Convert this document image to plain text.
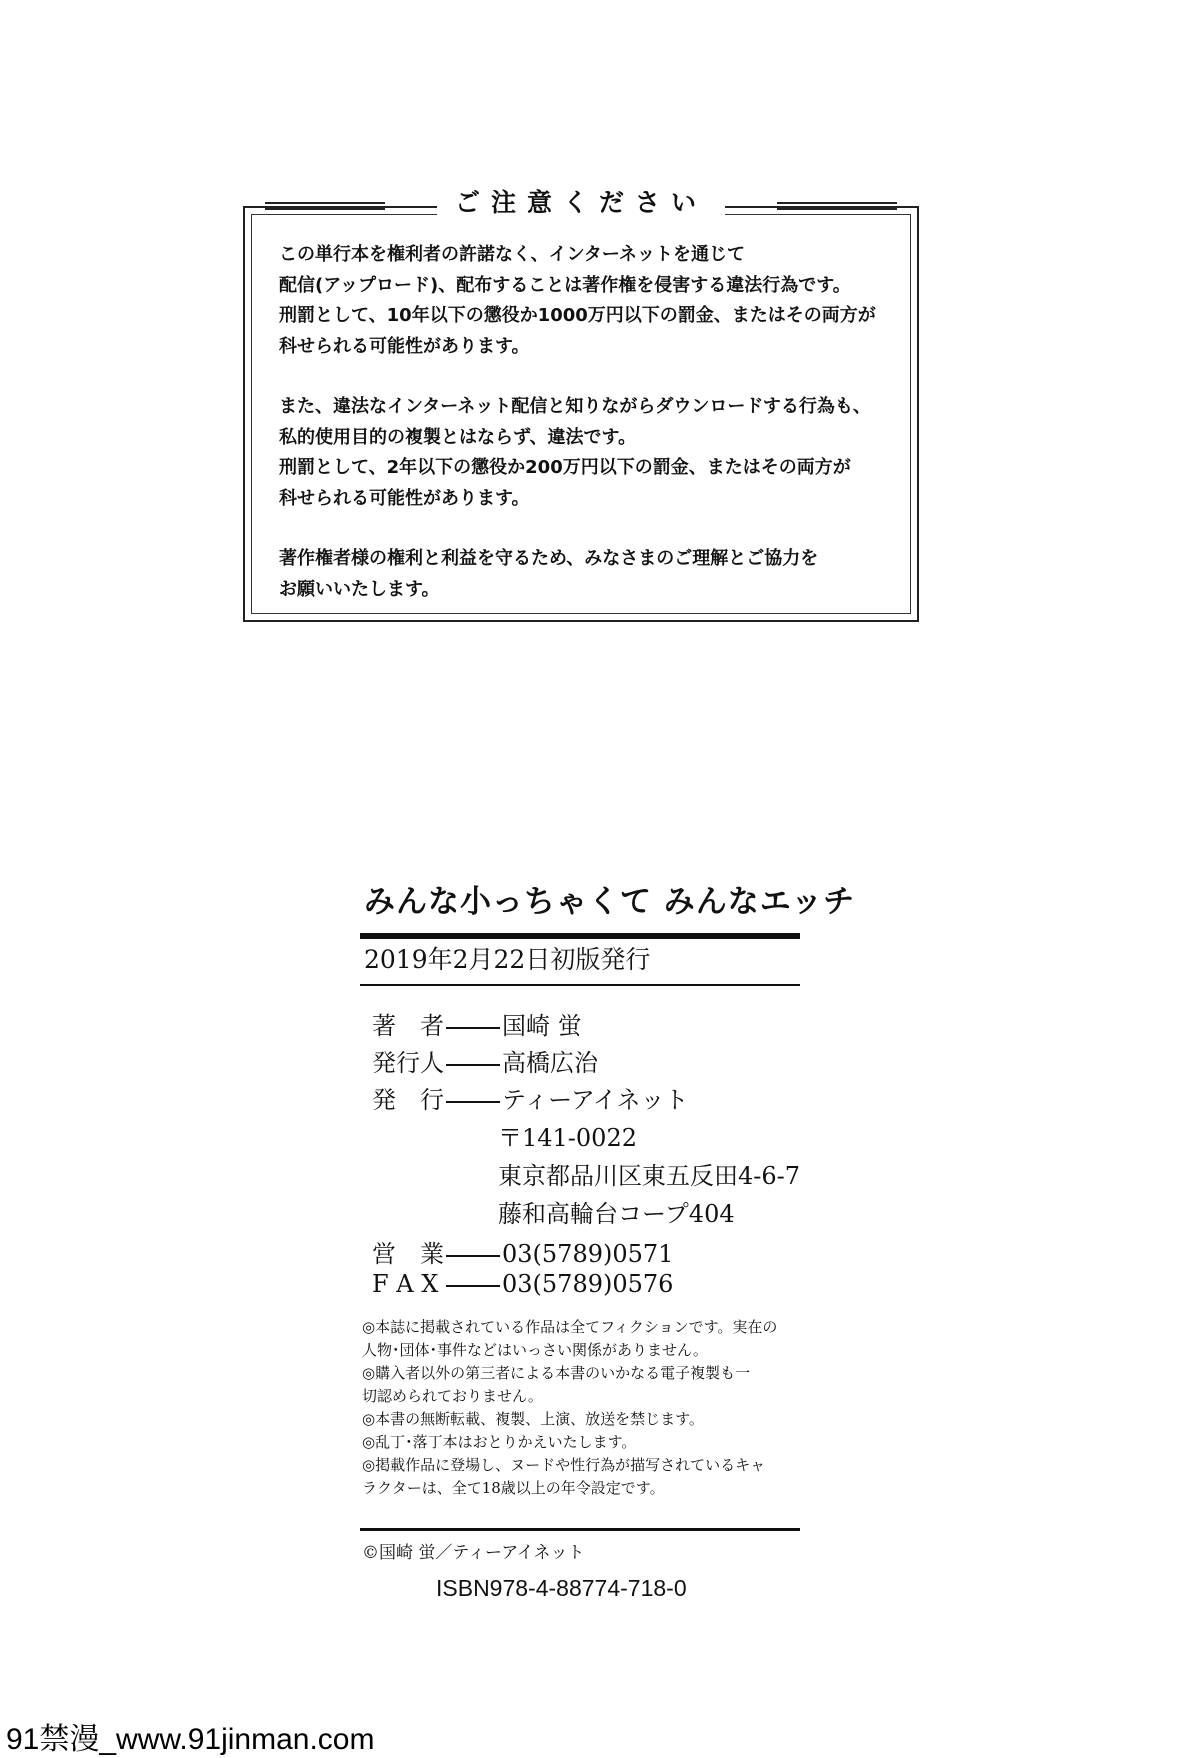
ご注意ください
この単行本を権利者の許諾なく、インターネットを通じて
配信(アップロード)、配布することは著作権を侵害する違法行為です。
刑罰として、10年以下の懲役か1000万円以下の罰金、またはその両方が
科せられる可能性があります。
また、違法なインターネット配信と知りながらダウンロードする行為も、
私的使用目的の複製とはならず、違法です。
刑罰として、2年以下の懲役か200万円以下の罰金、またはその両方が
科せられる可能性があります。
著作権者様の権利と利益を守るため、みなさまのご理解とご協力を
お願いいたします。
みんな小っちゃくて みんなエッチ
2019年2月22日初版発行
著　者 国崎 蛍
発行人 高橋広治
発　行 ティーアイネット
〒141-0022
東京都品川区東五反田4-6-7
藤和高輪台コープ404
営　業 03(5789)0571
F A X	03(5789)0576
◎本誌に掲載されている作品は全てフィクションです。実在の
人物･団体･事件などはいっさい関係がありません。
◎購入者以外の第三者による本書のいかなる電子複製も一
切認められておりません。
◎本書の無断転載、複製、上演、放送を禁じます。
◎乱丁･落丁本はおとりかえいたします。
◎掲載作品に登場し、ヌードや性行為が描写されているキャ
ラクターは、全て18歳以上の年令設定です。
©国崎 蛍／ティーアイネット
ISBN978-4-88774-718-0
91禁漫_www.91jinman.com
